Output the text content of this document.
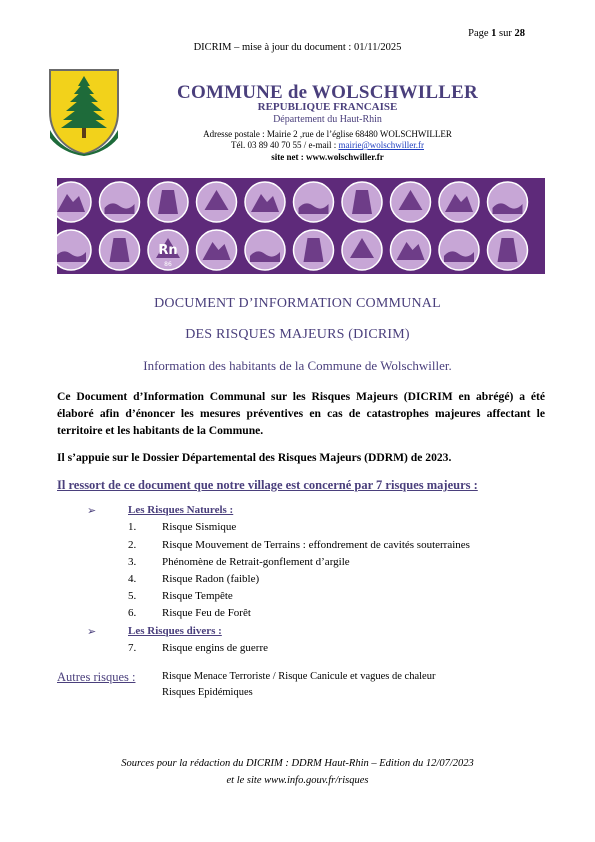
Page 1 sur 28
DICRIM – mise à jour du document : 01/11/2025
COMMUNE de WOLSCHWILLER
REPUBLIQUE FRANCAISE
Département du Haut-Rhin
Adresse postale : Mairie 2 ,rue de l’église 68480 WOLSCHWILLER
Tél. 03 89 40 70 55 / e-mail : mairie@wolschwiller.fr
site net : www.wolschwiller.fr
Rn
86
DOCUMENT D’INFORMATION COMMUNAL
DES RISQUES MAJEURS (DICRIM)
Information des habitants de la Commune de Wolschwiller.
Ce Document d’Information Communal sur les Risques Majeurs (DICRIM en abrégé) a été élaboré afin d’énoncer les mesures préventives en cas de catastrophes majeures affectant le territoire et les habitants de la Commune.
Il s’appuie sur le Dossier Départemental des Risques Majeurs (DDRM) de 2023.
Il ressort de ce document que notre village est concerné par 7 risques majeurs :
➢	Les Risques Naturels :
1. Risque Sismique
2. Risque Mouvement de Terrains : effondrement de cavités souterraines
3. Phénomène de Retrait-gonflement d’argile
4. Risque Radon (faible)
5. Risque Tempête
6. Risque Feu de Forêt
➢	Les Risques divers :
7. Risque engins de guerre
Autres risques :	Risque Menace Terroriste / Risque Canicule et vagues de chaleur
Risques Epidémiques
Sources pour la rédaction du DICRIM : DDRM Haut-Rhin – Edition du 12/07/2023
et le site www.info.gouv.fr/risques
